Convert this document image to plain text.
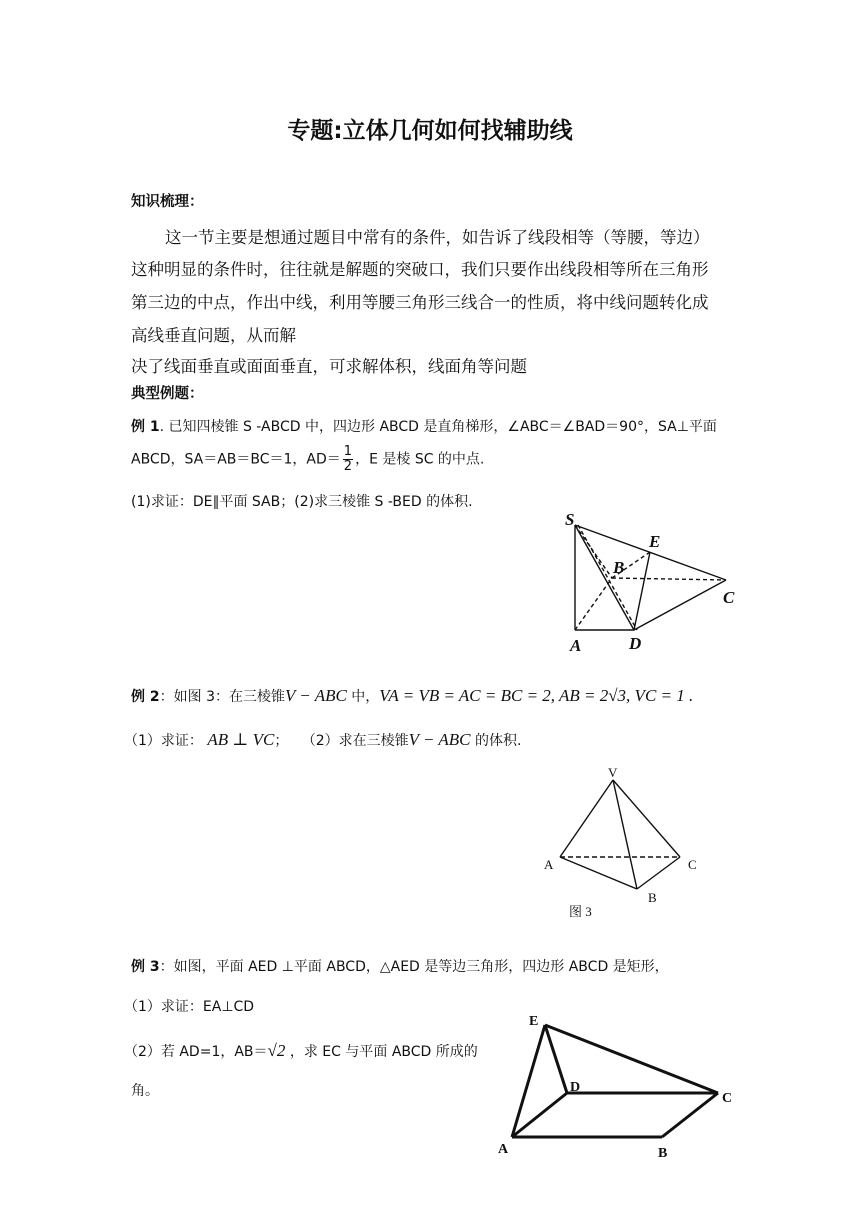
专题:立体几何如何找辅助线
知识梳理：
这一节主要是想通过题目中常有的条件，如告诉了线段相等（等腰，等边）
这种明显的条件时，往往就是解题的突破口，我们只要作出线段相等所在三角形
第三边的中点，作出中线，利用等腰三角形三线合一的性质，将中线问题转化成
高线垂直问题，从而解
决了线面垂直或面面垂直，可求解体积，线面角等问题
典型例题：
例 1. 已知四棱锥 S -ABCD 中，四边形 ABCD 是直角梯形，∠ABC＝∠BAD＝90°，SA⊥平面
ABCD，SA＝AB＝BC＝1，$AD= \frac{1}{2}$ ，E 是棱 SC 的中点.
(1)求证：DE∥平面 SAB；(2)求三棱锥 S -BED 的体积.
S
E
B
C
A	D
例 2：如图 3：在三棱锥V − ABC 中，VA = VB = AC = BC = 2, AB = 2√3, VC = 1 .
（1）求证： AB ⊥ VC； （2）求在三棱锥V − ABC 的体积.
V
A	C
B
图 3
例 3：如图，平面 AED ⊥平面 ABCD，△AED 是等边三角形，四边形 ABCD 是矩形，
（1）求证：EA⊥CD
（2）若 AD=1，AB＝√2 ，求 EC 与平面 ABCD 所成的
角。
E
D
C
A	B
